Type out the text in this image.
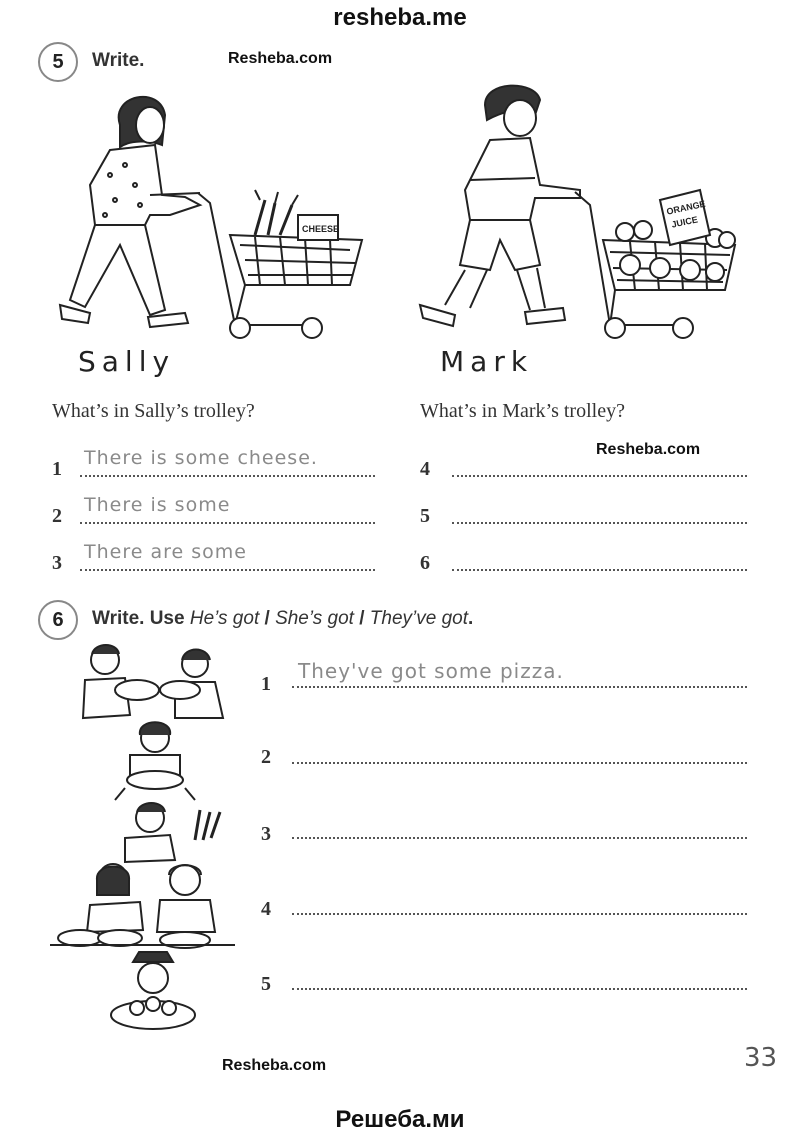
resheba.me
5	Write.	Resheba.com
CHEESE
ORANGE
JUICE
Sally	Mark
What’s in Sally’s trolley?	What’s in Mark’s trolley?
Resheba.com
1 There is some cheese.
2 There is some
3 There are some
4
5
6
6	Write. Use He’s got / She’s got / They’ve got.
1
They've got some pizza.
2
3
4
5
Resheba.com	33
Решеба.ми
